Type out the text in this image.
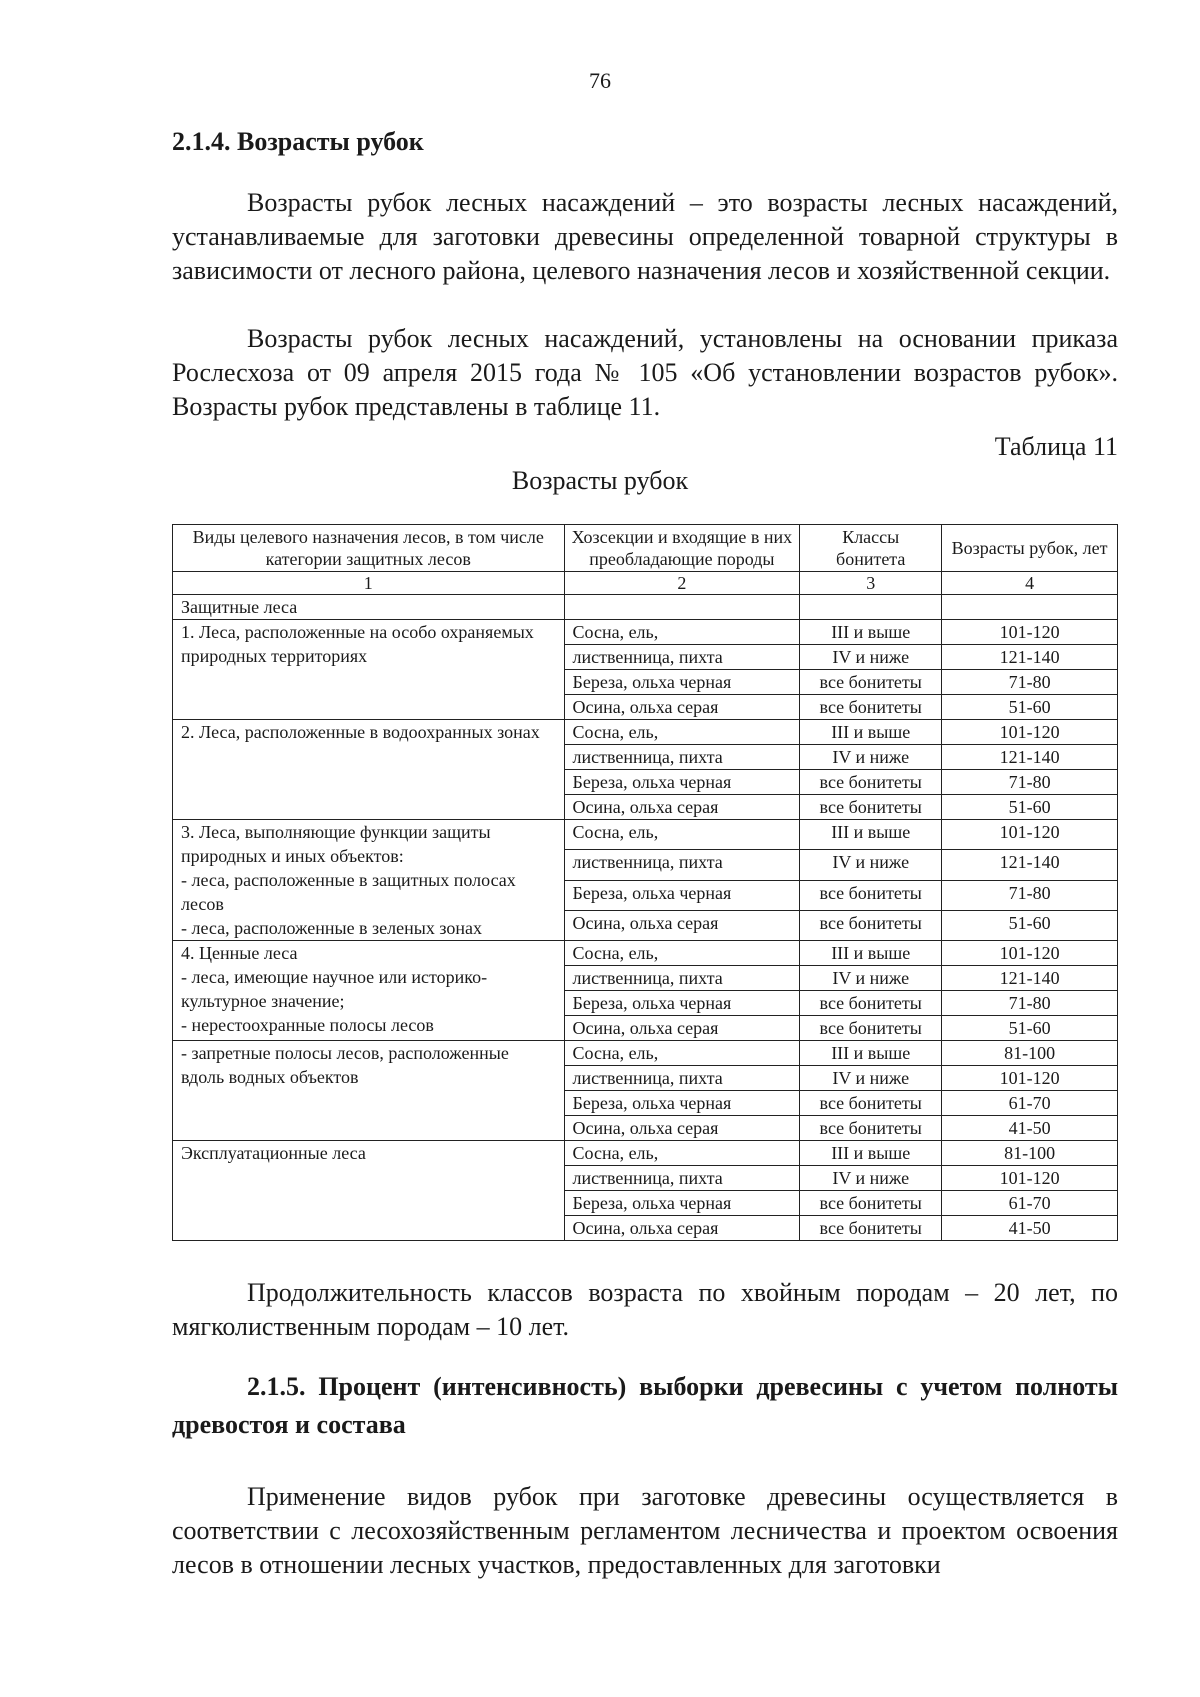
76
2.1.4. Возрасты рубок

Возрасты рубок лесных насаждений – это возрасты лесных насаждений, устанавливаемые для заготовки древесины определенной товарной структуры в зависимости от лесного района, целевого назначения лесов и хозяйственной секции.

Возрасты рубок лесных насаждений, установлены на основании приказа Рослесхоза от 09 апреля 2015 года № 105 «Об установлении возрастов рубок». Возрасты рубок представлены в таблице 11.

Таблица 11
Возрасты рубок
Виды целевого назначения лесов, в том числе категории защитных лесов	Хозсекции и входящие в них преобладающие породы	Классы бонитета	Возрасты рубок, лет
1	2	3	4
Защитные леса			
1. Леса, расположенные на особо охраняемых природных территориях	Сосна, ель,	III и выше	101-120
	лиственница, пихта	IV и ниже	121-140
	Береза, ольха черная	все бонитеты	71-80
	Осина, ольха серая	все бонитеты	51-60
2. Леса, расположенные в водоохранных зонах	Сосна, ель,	III и выше	101-120
	лиственница, пихта	IV и ниже	121-140
	Береза, ольха черная	все бонитеты	71-80
	Осина, ольха серая	все бонитеты	51-60

3. Леса, выполняющие функции защиты природных и иных объектов:
- леса, расположенные в защитных полосах лесов
- леса, расположенные в зеленых зонах	Сосна, ель,	III и выше	101-120
	лиственница, пихта	IV и ниже	121-140
	Береза, ольха черная	все бонитеты	71-80
	Осина, ольха серая	все бонитеты	51-60

4. Ценные леса
- леса, имеющие научное или историко-культурное значение;
- нерестоохранные полосы лесов	Сосна, ель,	III и выше	101-120
	лиственница, пихта	IV и ниже	121-140
	Береза, ольха черная	все бонитеты	71-80
	Осина, ольха серая	все бонитеты	51-60
- запретные полосы лесов, расположенные вдоль водных объектов	Сосна, ель,	III и выше	81-100
	лиственница, пихта	IV и ниже	101-120
	Береза, ольха черная	все бонитеты	61-70
	Осина, ольха серая	все бонитеты	41-50
Эксплуатационные леса	Сосна, ель,	III и выше	81-100
	лиственница, пихта	IV и ниже	101-120
	Береза, ольха черная	все бонитеты	61-70
	Осина, ольха серая	все бонитеты	41-50

Продолжительность классов возраста по хвойным породам – 20 лет, по мягколиственным породам – 10 лет.

2.1.5. Процент (интенсивность) выборки древесины с учетом полноты древостоя и состава

Применение видов рубок при заготовке древесины осуществляется в соответствии с лесохозяйственным регламентом лесничества и проектом освоения лесов в отношении лесных участков, предоставленных для заготовки
